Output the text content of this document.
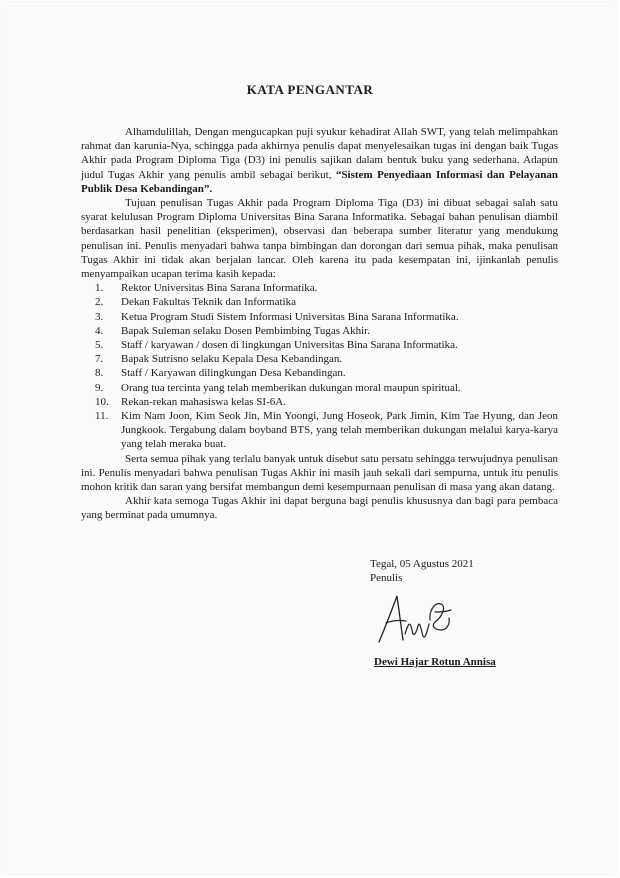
KATA PENGANTAR

Alhamdulillah, Dengan mengucapkan puji syukur kehadirat Allah SWT, yang telah melimpahkan rahmat dan karunia-Nya, schingga pada akhirnya penulis dapat menyelesaikan tugas ini dengan baik Tugas Akhir pada Program Diploma Tiga (D3) ini penulis sajikan dalam bentuk buku yang sederhana. Adapun judul Tugas Akhir yang penulis ambil sebagai berikut, “Sistem Penyediaan Informasi dan Pelayanan Publik Desa Kebandingan”.

Tujuan penulisan Tugas Akhir pada Program Diploma Tiga (D3) ini dibuat sebagai salah satu syarat kelulusan Program Diploma Universitas Bina Sarana Informatika. Sebagai bahan penulisan diambil berdasarkan hasil penelitian (eksperimen), observasi dan beberapa sumber literatur yang mendukung penulisan ini. Penulis menyadari bahwa tanpa bimbingan dan dorongan dari semua pihak, maka penulisan Tugas Akhir ini tidak akan berjalan lancar. Oleh karena itu pada kesempatan ini, ijinkanlah penulis menyampaikan ucapan terima kasih kepada:

1.	Rektor Universitas Bina Sarana Informatika.
2.	Dekan Fakultas Teknik dan Informatika
3.	Ketua Program Studi Sistem Informasi Universitas Bina Sarana Informatika.
4.	Bapak Suleman selaku Dosen Pembimbing Tugas Akhir.
5.	Staff / karyawan / dosen di lingkungan Universitas Bina Sarana Informatika.
7.	Bapak Sutrisno selaku Kepala Desa Kebandingan.
8.	Staff / Karyawan dilingkungan Desa Kebandingan.
9.	Orang tua tercinta yang telah memberikan dukungan moral maupun spiritual.
10.	Rekan-rekan mahasiswa kelas SI-6A.
11.	Kim Nam Joon, Kim Seok Jin, Min Yoongi, Jung Hoseok, Park Jimin, Kim Tae Hyung, dan Jeon Jungkook. Tergabung dalam boyband BTS, yang telah memberikan dukungan melalui karya-karya yang telah meraka buat.

Serta semua pihak yang terlalu banyak untuk disebut satu persatu sehingga terwujudnya penulisan ini. Penulis menyadari bahwa penulisan Tugas Akhir ini masih jauh sekali dari sempurna, untuk itu penulis mohon kritik dan saran yang bersifat membangun demi kesempurnaan penulisan di masa yang akan datang.

Akhir kata semoga Tugas Akhir ini dapat berguna bagi penulis khususnya dan bagi para pembaca yang berminat pada umumnya.

Tegal, 05 Agustus 2021
Penulis
Dewi Hajar Rotun Annisa
